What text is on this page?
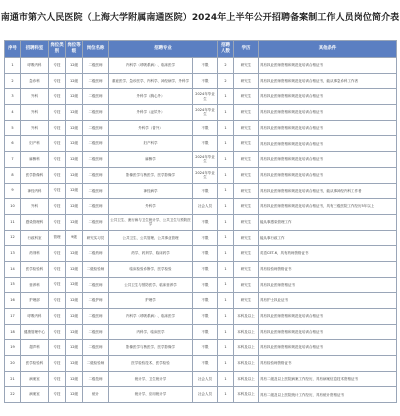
南通市第六人民医院（上海大学附属南通医院）2024年上半年公开招聘备案制工作人员岗位简介表
序号	招聘科室	岗位类别	岗位等级	岗位名称	招聘专业		招聘人数	学历	其他条件
1	呼吸内科	专技	12级	二级医师	内科学（呼吸系病）、临床医学	不限	2	研究生	具有执业医师资格和规范化培训合格证书
2	急诊科	专技	12级	二级医师	重症医学、急诊医学、内科学、神经病学、外科学	不限	2	研究生	具有执业医师资格和规范化培训合格证书，能从事急诊科工作者
3	外科	专技	12级	二级医师	外科学（胸心外）	2024年毕业生	1	研究生	具有执业医师资格和规范化培训合格证书
4	外科	专技	12级	二级医师	外科学（泌尿外）	2024年毕业生	1	研究生	具有执业医师资格和规范化培训合格证书
5	外科	专技	12级	二级医师	外科学（普外）	不限	1	研究生	具有执业医师资格和规范化培训合格证书
6	妇产科	专技	12级	二级医师	妇产科学	不限	1	研究生	具有执业医师资格和规范化培训合格证书
7	麻醉科	专技	12级	二级医师	麻醉学	2024年毕业生	1	研究生	具有执业医师资格和规范化培训合格证书
8	医学影像科	专技	12级	二级医师	影像医学与核医学、医学影像学	2024年毕业生	1	研究生	具有执业医师资格和规范化培训合格证书
9	神经内科	专技	12级	二级医师	神经病学	不限	1	研究生	具有执业医师资格和规范化培训合格证书，能从事神经内科工作者
10	外科	专技	12级	二级医师	外科学	社会人员	1	研究生	具有执业医师资格和规范化培训合格证书，具有三级医院工作经历5年以上
11	感染管理科	专技	12级	二级医师	公共卫生、流行病与卫生统计学、公共卫生与预防医学	不限	1	研究生	能从事感染管理工作
12	行政科室	管理	9级	研究实习员	公共卫生、公共管理、公共事业管理	不限	1	研究生	能从事行政工作
13	药剂科	专技	12级	二级药师	药学、药剂学、临床药学	不限	1	研究生	英语CET-6，具有药师资格证书
14	医学检验科	专技	12级	二级检验师	临床检验诊断学、医学检验	不限	1	研究生	具有检验师资格证书
15	营养科	专技	12级	二级医师	公共卫生与预防医学、临床营养学	不限	1	研究生	具有执业医师资格证书
16	护理部	专技	12级	二级护师	护理学	不限	1	研究生	具有护士执业证书
17	呼吸内科	专技	12级	二级医师	内科学（呼吸系病）、临床医学	不限	1	本科及以上	具有执业医师资格和规范化培训合格证书
18	健康管理中心	专技	12级	二级医师	内科学、临床医学	不限	1	本科及以上	具有执业医师资格和规范化培训合格证书
19	超声科	专技	12级	二级医师	影像医学与核医学、医学影像学	不限	1	本科及以上	具有执业医师资格和规范化培训合格证书
20	医学检验科	专技	12级	二级检验师	医学检验技术、医学检验	不限	1	本科及以上	具有检验师资格证书
21	病案室	专技	12级	二级技师	统计学、卫生统计学	社会人员	1	本科及以上	具有二级及以上医院病案工作经历，具有病案信息技术资格证书
22	病案室	专技	12级	统计	统计学、应用统计学	社会人员	1	本科及以上	具有二级及以上医院统计工作经历，具有统计资格证书
